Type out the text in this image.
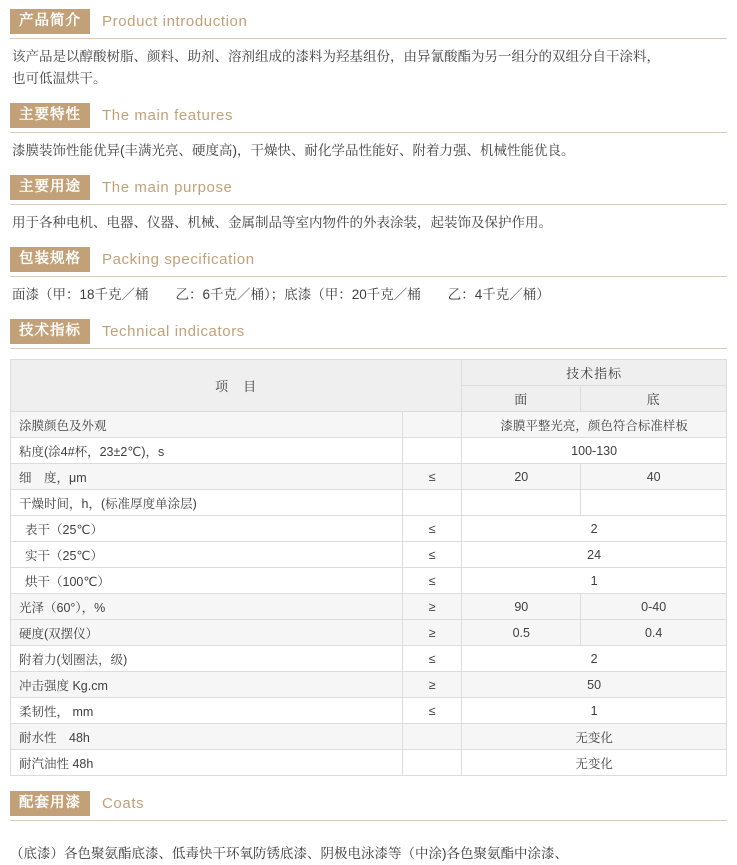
产品简介	Product introduction

该产品是以醇酸树脂、颜料、助剂、溶剂组成的漆料为羟基组份，由异氰酸酯为另一组分的双组分自干涂料，

也可低温烘干。

主要特性	The main features

漆膜装饰性能优异(丰满光亮、硬度高)，干燥快、耐化学品性能好、附着力强、机械性能优良。

主要用途	The main purpose

用于各种电机、电器、仪器、机械、金属制品等室内物件的外表涂装，起装饰及保护作用。

包装规格	Packing specification

面漆（甲：18千克／桶　　乙：6千克／桶）；底漆（甲：20千克／桶　　乙：4千克／桶）

技术指标	Technical indicators
项　目		技术指标	
		面	底
涂膜颜色及外观		漆膜平整光亮，颜色符合标准样板	
粘度(涂4#杯，23±2℃)，s		100-130	
细　度，μm	≤	20	40
干燥时间，h，(标准厚度单涂层)			
表干（25℃）	≤	2	
实干（25℃）	≤	24	
烘干（100℃）	≤	1	
光泽（60°），%	≥	90	0-40
硬度(双摆仪）	≥	0.5	0.4
附着力(划圈法，级)	≤	2	
冲击强度 Kg.cm	≥	50	
柔韧性， mm	≤	1	
耐水性　48h		无变化	
耐汽油性 48h		无变化	
配套用漆	Coats

（底漆）各色聚氨酯底漆、低毒快干环氧防锈底漆、阴极电泳漆等（中涂)各色聚氨酯中涂漆、
